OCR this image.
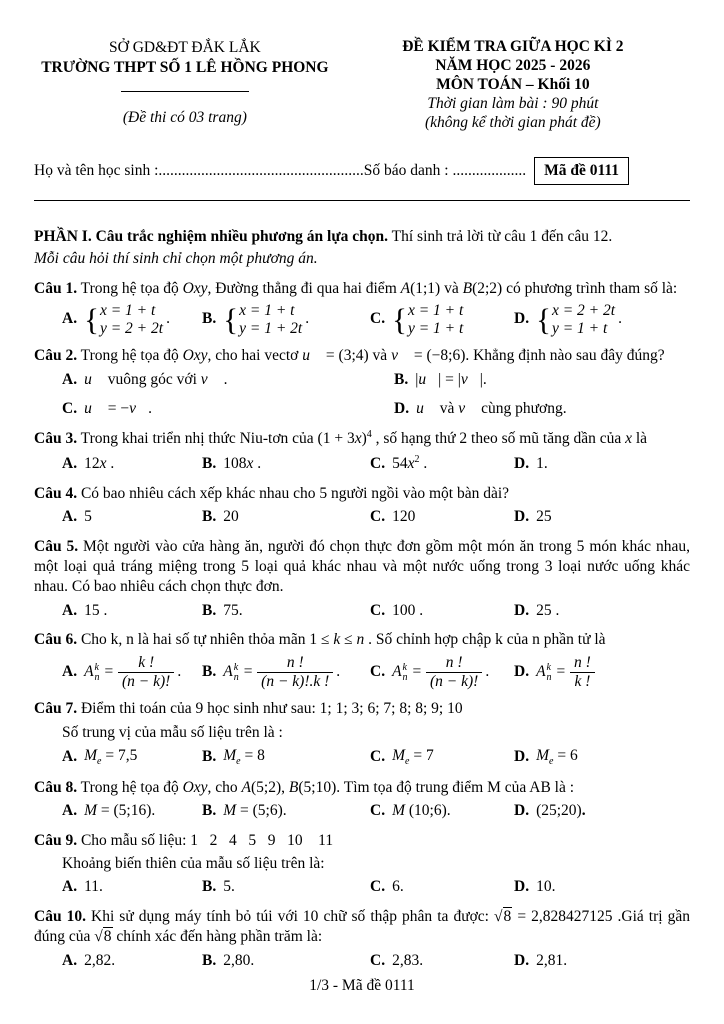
SỞ GD&ĐT ĐẮK LẮK
TRƯỜNG THPT SỐ 1 LÊ HỒNG PHONG
(Đề thi có 03 trang)
ĐỀ KIỂM TRA GIỮA HỌC KÌ 2
NĂM HỌC 2025 - 2026
MÔN TOÁN – Khối 10
Thời gian làm bài : 90 phút
(không kể thời gian phát đề)
Họ và tên học sinh :..................................................... Số báo danh : ...................	Mã đề 0111

PHẦN I. Câu trắc nghiệm nhiều phương án lựa chọn. Thí sinh trả lời từ câu 1 đến câu 12.

Mỗi câu hỏi thí sinh chỉ chọn một phương án.

Câu 1. Trong hệ tọa độ Oxy, Đường thẳng đi qua hai điểm A(1;1) và B(2;2) có phương trình tham số là:

A. { x = 1 + t
y = 2 + 2t
. B. { x = 1 + t
y = 1 + 2t
.	C. { x = 1 + t
y = 1 + t
D. { x = 2 + 2t
y = 1 + t
.

Câu 2. Trong hệ tọa độ Oxy, cho hai vectơ u⃗ = (3;4) và v⃗ = (−8;6). Khẳng định nào sau đây đúng?

A. u⃗ vuông góc với v⃗ .	B. |u⃗| = |v⃗|.
C. u⃗ = −v⃗.	D. u⃗ và v⃗ cùng phương.

Câu 3. Trong khai triển nhị thức Niu-tơn của $(1 + 3x)^4$ , số hạng thứ 2 theo số mũ tăng dần của x là

A. 12x .	B. 108x .	C. $54x^2$ .	D. 1.

Câu 4. Có bao nhiêu cách xếp khác nhau cho 5 người ngồi vào một bàn dài?

A. 5	B. 20	C. 120	D. 25

Câu 5. Một người vào cửa hàng ăn, người đó chọn thực đơn gồm một món ăn trong 5 món khác nhau, một loại quả tráng miệng trong 5 loại quả khác nhau và một nước uống trong 3 loại nước uống khác nhau. Có bao nhiêu cách chọn thực đơn.

A. 15 .	B. 75.	C. 100 .	D. 25 .

Câu 6. Cho k, n là hai số tự nhiên thỏa mãn 1 ≤ k ≤ n . Số chỉnh hợp chập k của n phần tử là

A. A k
$n = \frac{k !}{(n - k)!}$ . B. A k
$n = \frac{n !}{(n - k)!.k !}$ . C. A k
$n = \frac{n !}{(n - k)!}$ . D. A k
$n = \frac{n !}{k !}$

Câu 7. Điểm thi toán của 9 học sinh như sau: 1; 1; 3; 6; 7; 8; 8; 9; 10

Số trung vị của mẫu số liệu trên là :
A. $M_e = 7,5$	B. $M_e = 8$	C. $M_e = 7$	D. $M_e = 6$

Câu 8. Trong hệ tọa độ Oxy, cho A(5;2), B(5;10). Tìm tọa độ trung điểm M của AB là :

A. M = (5;16).	B. M = (5;6).	C. M (10;6).	D. (25;20).

Câu 9. Cho mẫu số liệu: 1   2   4   5   9   10    11

Khoảng biến thiên của mẫu số liệu trên là:
A. 11.	B. 5.	C. 6.	D. 10.

Câu 10. Khi sử dụng máy tính bỏ túi với 10 chữ số thập phân ta được: √8 = 2,828427125 .Giá trị gần đúng của √8 chính xác đến hàng phần trăm là:

A. 2,82.	B. 2,80.	C. 2,83.	D. 2,81.
1/3 - Mã đề 0111
